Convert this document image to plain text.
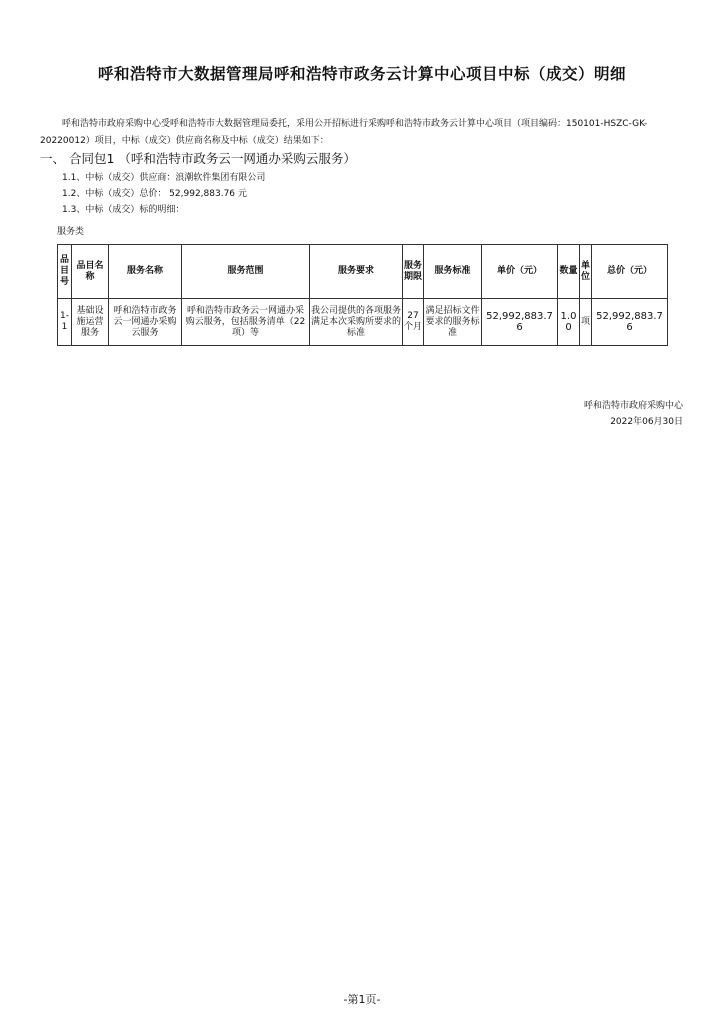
呼和浩特市大数据管理局呼和浩特市政务云计算中心项目中标（成交）明细
呼和浩特市政府采购中心受呼和浩特市大数据管理局委托，采用公开招标进行采购呼和浩特市政务云计算中心项目（项目编码：150101-HSZC-GK-20220012）项目，中标（成交）供应商名称及中标（成交）结果如下：
一、 合同包1 （呼和浩特市政务云一网通办采购云服务）
1.1、中标（成交）供应商：浪潮软件集团有限公司
1.2、中标（成交）总价： 52,992,883.76 元
1.3、中标（成交）标的明细：
服务类
品目号	品目名称	服务名称	服务范围	服务要求	服务期限	服务标准	单价（元）	数量	单位	总价（元）
1-1	基础设施运营服务	呼和浩特市政务云一网通办采购云服务	呼和浩特市政务云一网通办采购云服务，包括服务清单（22项）等	我公司提供的各项服务满足本次采购所要求的标准	27个月	满足招标文件要求的服务标准	52,992,883.76	1.00	项	52,992,883.76
呼和浩特市政府采购中心
2022年06月30日
-第1页-
